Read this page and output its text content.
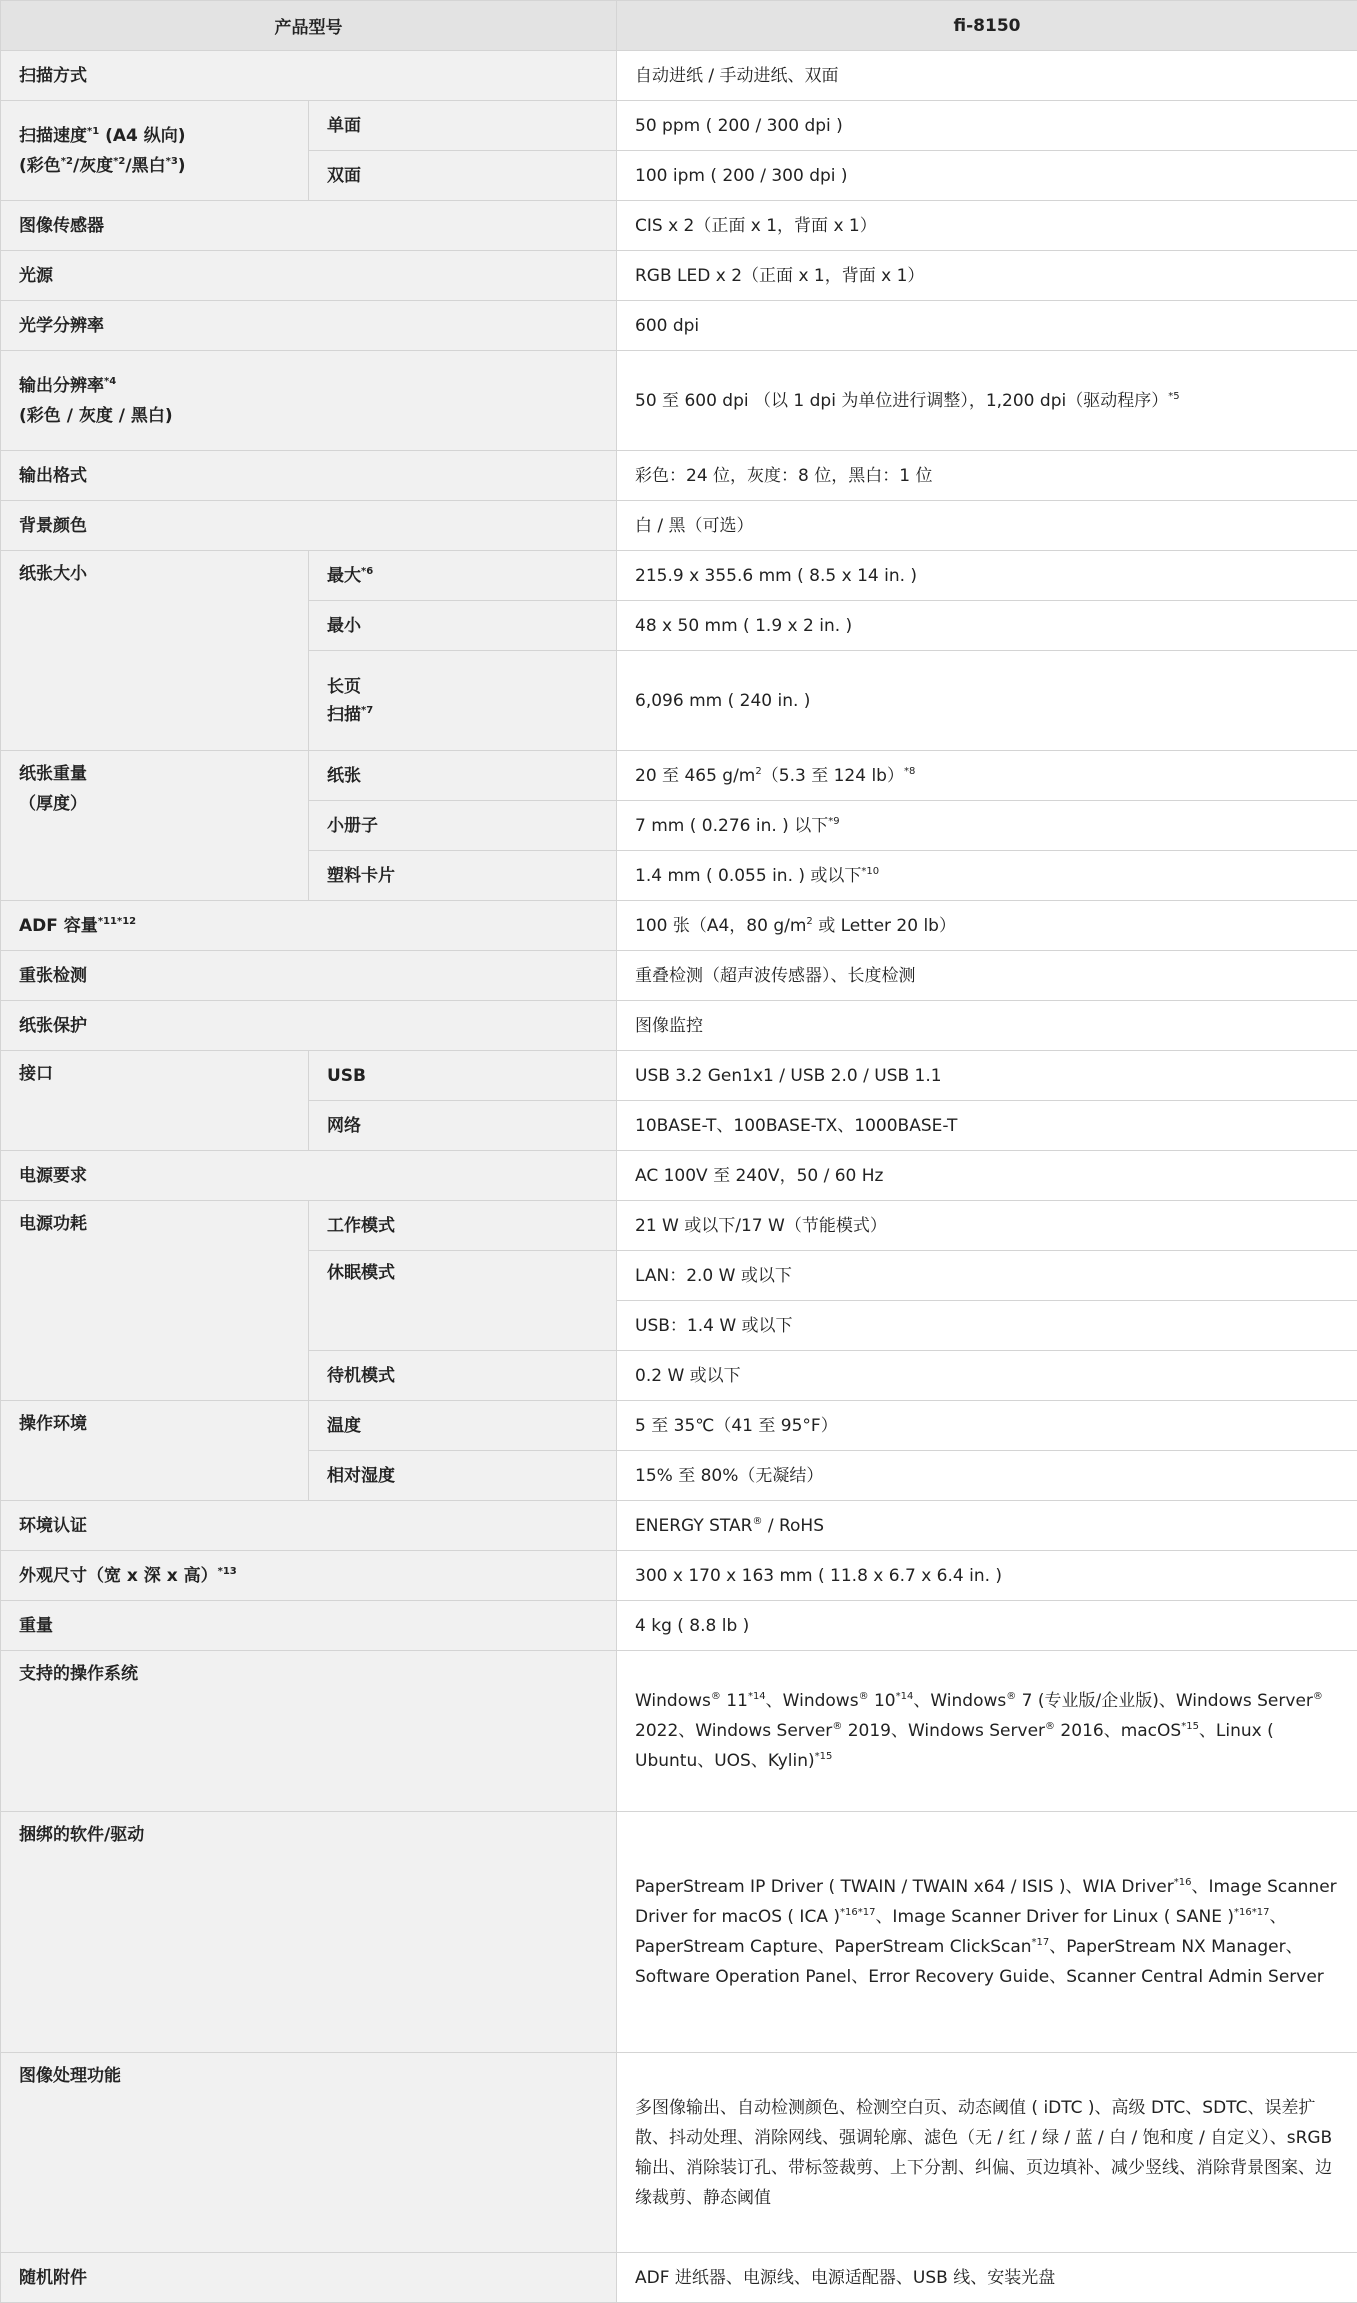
产品型号		fi-8150
扫描方式		自动进纸 / 手动进纸、双面

扫描速度$^{*1}$ (A4 纵向)
(彩色$^{*2}$/灰度$^{*2}$/黑白$^{*3}$)	单面	50 ppm ( 200 / 300 dpi )
	双面	100 ipm ( 200 / 300 dpi )
图像传感器		CIS x 2（正面 x 1，背面 x 1）
光源		RGB LED x 2（正面 x 1，背面 x 1）
光学分辨率		600 dpi

输出分辨率$^{*4}$
(彩色 / 灰度 / 黑白)		50 至 600 dpi （以 1 dpi 为单位进行调整），1,200 dpi（驱动程序）$^{*5}$
输出格式		彩色：24 位，灰度：8 位，黑白：1 位
背景颜色		白 / 黑（可选）
纸张大小	最大$^{*6}$	215.9 x 355.6 mm ( 8.5 x 14 in. )
	最小	48 x 50 mm ( 1.9 x 2 in. )

	长页
扫描$^{*7}$	6,096 mm ( 240 in. )

纸张重量
（厚度）	纸张	20 至 465 $g/m^2(5.3$ 至 124 lb）$^{*8}$
	小册子	7 mm ( 0.276 in. ) 以下$^{*9}$
	塑料卡片	1.4 mm ( 0.055 in. ) 或以下$^{*10}$
ADF 容量$^{*11*12}$		100 张（A4，80 $g/m^2$ 或 Letter 20 lb）
重张检测		重叠检测（超声波传感器）、长度检测
纸张保护		图像监控
接口	USB	USB 3.2 Gen1x1 / USB 2.0 / USB 1.1
	网络	10BASE-T、100BASE-TX、1000BASE-T
电源要求		AC 100V 至 240V，50 / 60 Hz
电源功耗	工作模式	21 W 或以下/17 W（节能模式）
	休眠模式	LAN：2.0 W 或以下
		USB：1.4 W 或以下
	待机模式	0.2 W 或以下
操作环境	温度	5 至 35℃（41 至 95°F）
	相对湿度	15% 至 80%（无凝结）
环境认证		ENERGY STAR® / RoHS
外观尺寸（宽 x 深 x 高）$^{*13}$		300 x 170 x 163 mm ( 11.8 x 6.7 x 6.4 in. )
重量		4 kg ( 8.8 lb )
支持的操作系统		Windows® 11$^{*14}$、Windows® 10$^{*14}$、Windows® 7 (专业版/企业版)、Windows Server® 2022、Windows Server® 2019、Windows Server® 2016、macOS$^{*15}$、Linux ( Ubuntu、UOS、Kylin)$^{*15}$
捆绑的软件/驱动		PaperStream IP Driver ( TWAIN / TWAIN x64 / ISIS )、WIA Driver$^{*16}$、Image Scanner Driver for macOS ( ICA )$^{*16*17}$、Image Scanner Driver for Linux ( SANE )$^{*16*17}$、PaperStream Capture、PaperStream ClickScan$^{*17}$、PaperStream NX Manager、Software Operation Panel、Error Recovery Guide、Scanner Central Admin Server
图像处理功能		多图像输出、自动检测颜色、检测空白页、动态阈值 ( iDTC )、高级 DTC、SDTC、误差扩散、抖动处理、消除网线、强调轮廓、滤色（无 / 红 / 绿 / 蓝 / 白 / 饱和度 / 自定义）、sRGB 输出、消除装订孔、带标签裁剪、上下分割、纠偏、页边填补、减少竖线、消除背景图案、边缘裁剪、静态阈值
随机附件		ADF 进纸器、电源线、电源适配器、USB 线、安装光盘
